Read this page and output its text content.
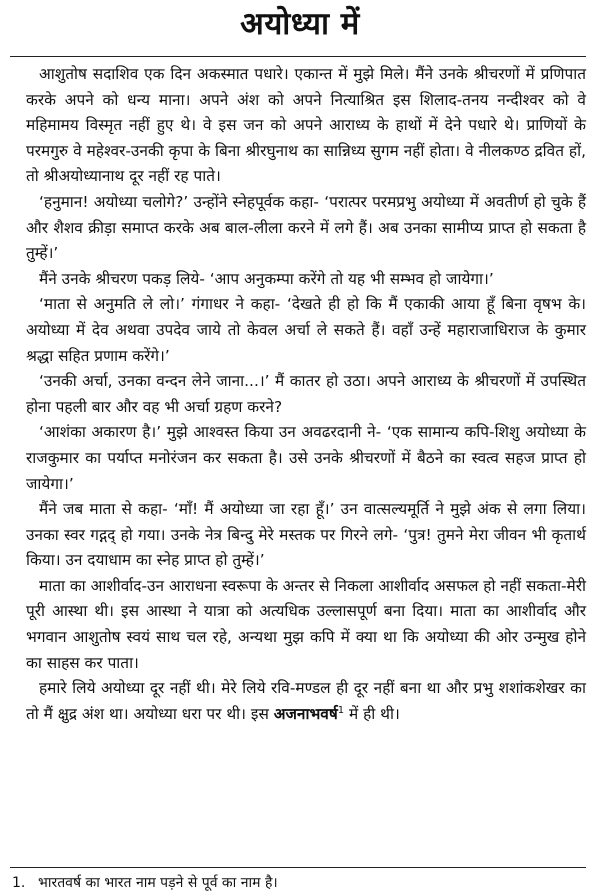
अयोध्या में

आशुतोष सदाशिव एक दिन अकस्मात पधारे। एकान्त में मुझे मिले। मैंने उनके श्रीचरणों में प्रणिपात करके अपने को धन्य माना। अपने अंश को अपने नित्याश्रित इस शिलाद-तनय नन्दीश्वर को वे महिमामय विस्मृत नहीं हुए थे। वे इस जन को अपने आराध्य के हाथों में देने पधारे थे। प्राणियों के परमगुरु वे महेश्वर-उनकी कृपा के बिना श्रीरघुनाथ का सान्निध्य सुगम नहीं होता। वे नीलकण्ठ द्रवित हों, तो श्रीअयोध्यानाथ दूर नहीं रह पाते।

‘हनुमान! अयोध्या चलोगे?’ उन्होंने स्नेहपूर्वक कहा- ‘परात्पर परमप्रभु अयोध्या में अवतीर्ण हो चुके हैं और शैशव क्रीड़ा समाप्त करके अब बाल-लीला करने में लगे हैं। अब उनका सामीप्य प्राप्त हो सकता है तुम्हें।’

मैंने उनके श्रीचरण पकड़ लिये- ‘आप अनुकम्पा करेंगे तो यह भी सम्भव हो जायेगा।’

‘माता से अनुमति ले लो।’ गंगाधर ने कहा- ‘देखते ही हो कि मैं एकाकी आया हूँ बिना वृषभ के। अयोध्या में देव अथवा उपदेव जाये तो केवल अर्चा ले सकते हैं। वहाँ उन्हें महाराजाधिराज के कुमार श्रद्धा सहित प्रणाम करेंगे।’

‘उनकी अर्चा, उनका वन्दन लेने जाना...।’ मैं कातर हो उठा। अपने आराध्य के श्रीचरणों में उपस्थित होना पहली बार और वह भी अर्चा ग्रहण करने?

‘आशंका अकारण है।’ मुझे आश्वस्त किया उन अवढरदानी ने- ‘एक सामान्य कपि-शिशु अयोध्या के राजकुमार का पर्याप्त मनोरंजन कर सकता है। उसे उनके श्रीचरणों में बैठने का स्वत्व सहज प्राप्त हो जायेगा।’

मैंने जब माता से कहा- ‘माँ! मैं अयोध्या जा रहा हूँ।’ उन वात्सल्यमूर्ति ने मुझे अंक से लगा लिया। उनका स्वर गद्गद् हो गया। उनके नेत्र बिन्दु मेरे मस्तक पर गिरने लगे- ‘पुत्र! तुमने मेरा जीवन भी कृतार्थ किया। उन दयाधाम का स्नेह प्राप्त हो तुम्हें।’

माता का आशीर्वाद-उन आराधना स्वरूपा के अन्तर से निकला आशीर्वाद असफल हो नहीं सकता-मेरी पूरी आस्था थी। इस आस्था ने यात्रा को अत्यधिक उल्लासपूर्ण बना दिया। माता का आशीर्वाद और भगवान आशुतोष स्वयं साथ चल रहे, अन्यथा मुझ कपि में क्या था कि अयोध्या की ओर उन्मुख होने का साहस कर पाता।

हमारे लिये अयोध्या दूर नहीं थी। मेरे लिये रवि-मण्डल ही दूर नहीं बना था और प्रभु शशांकशेखर का तो मैं क्षुद्र अंश था। अयोध्या धरा पर थी। इस अजनाभवर्ष$^1$ में ही थी।

1. भारतवर्ष का भारत नाम पड़ने से पूर्व का नाम है।
